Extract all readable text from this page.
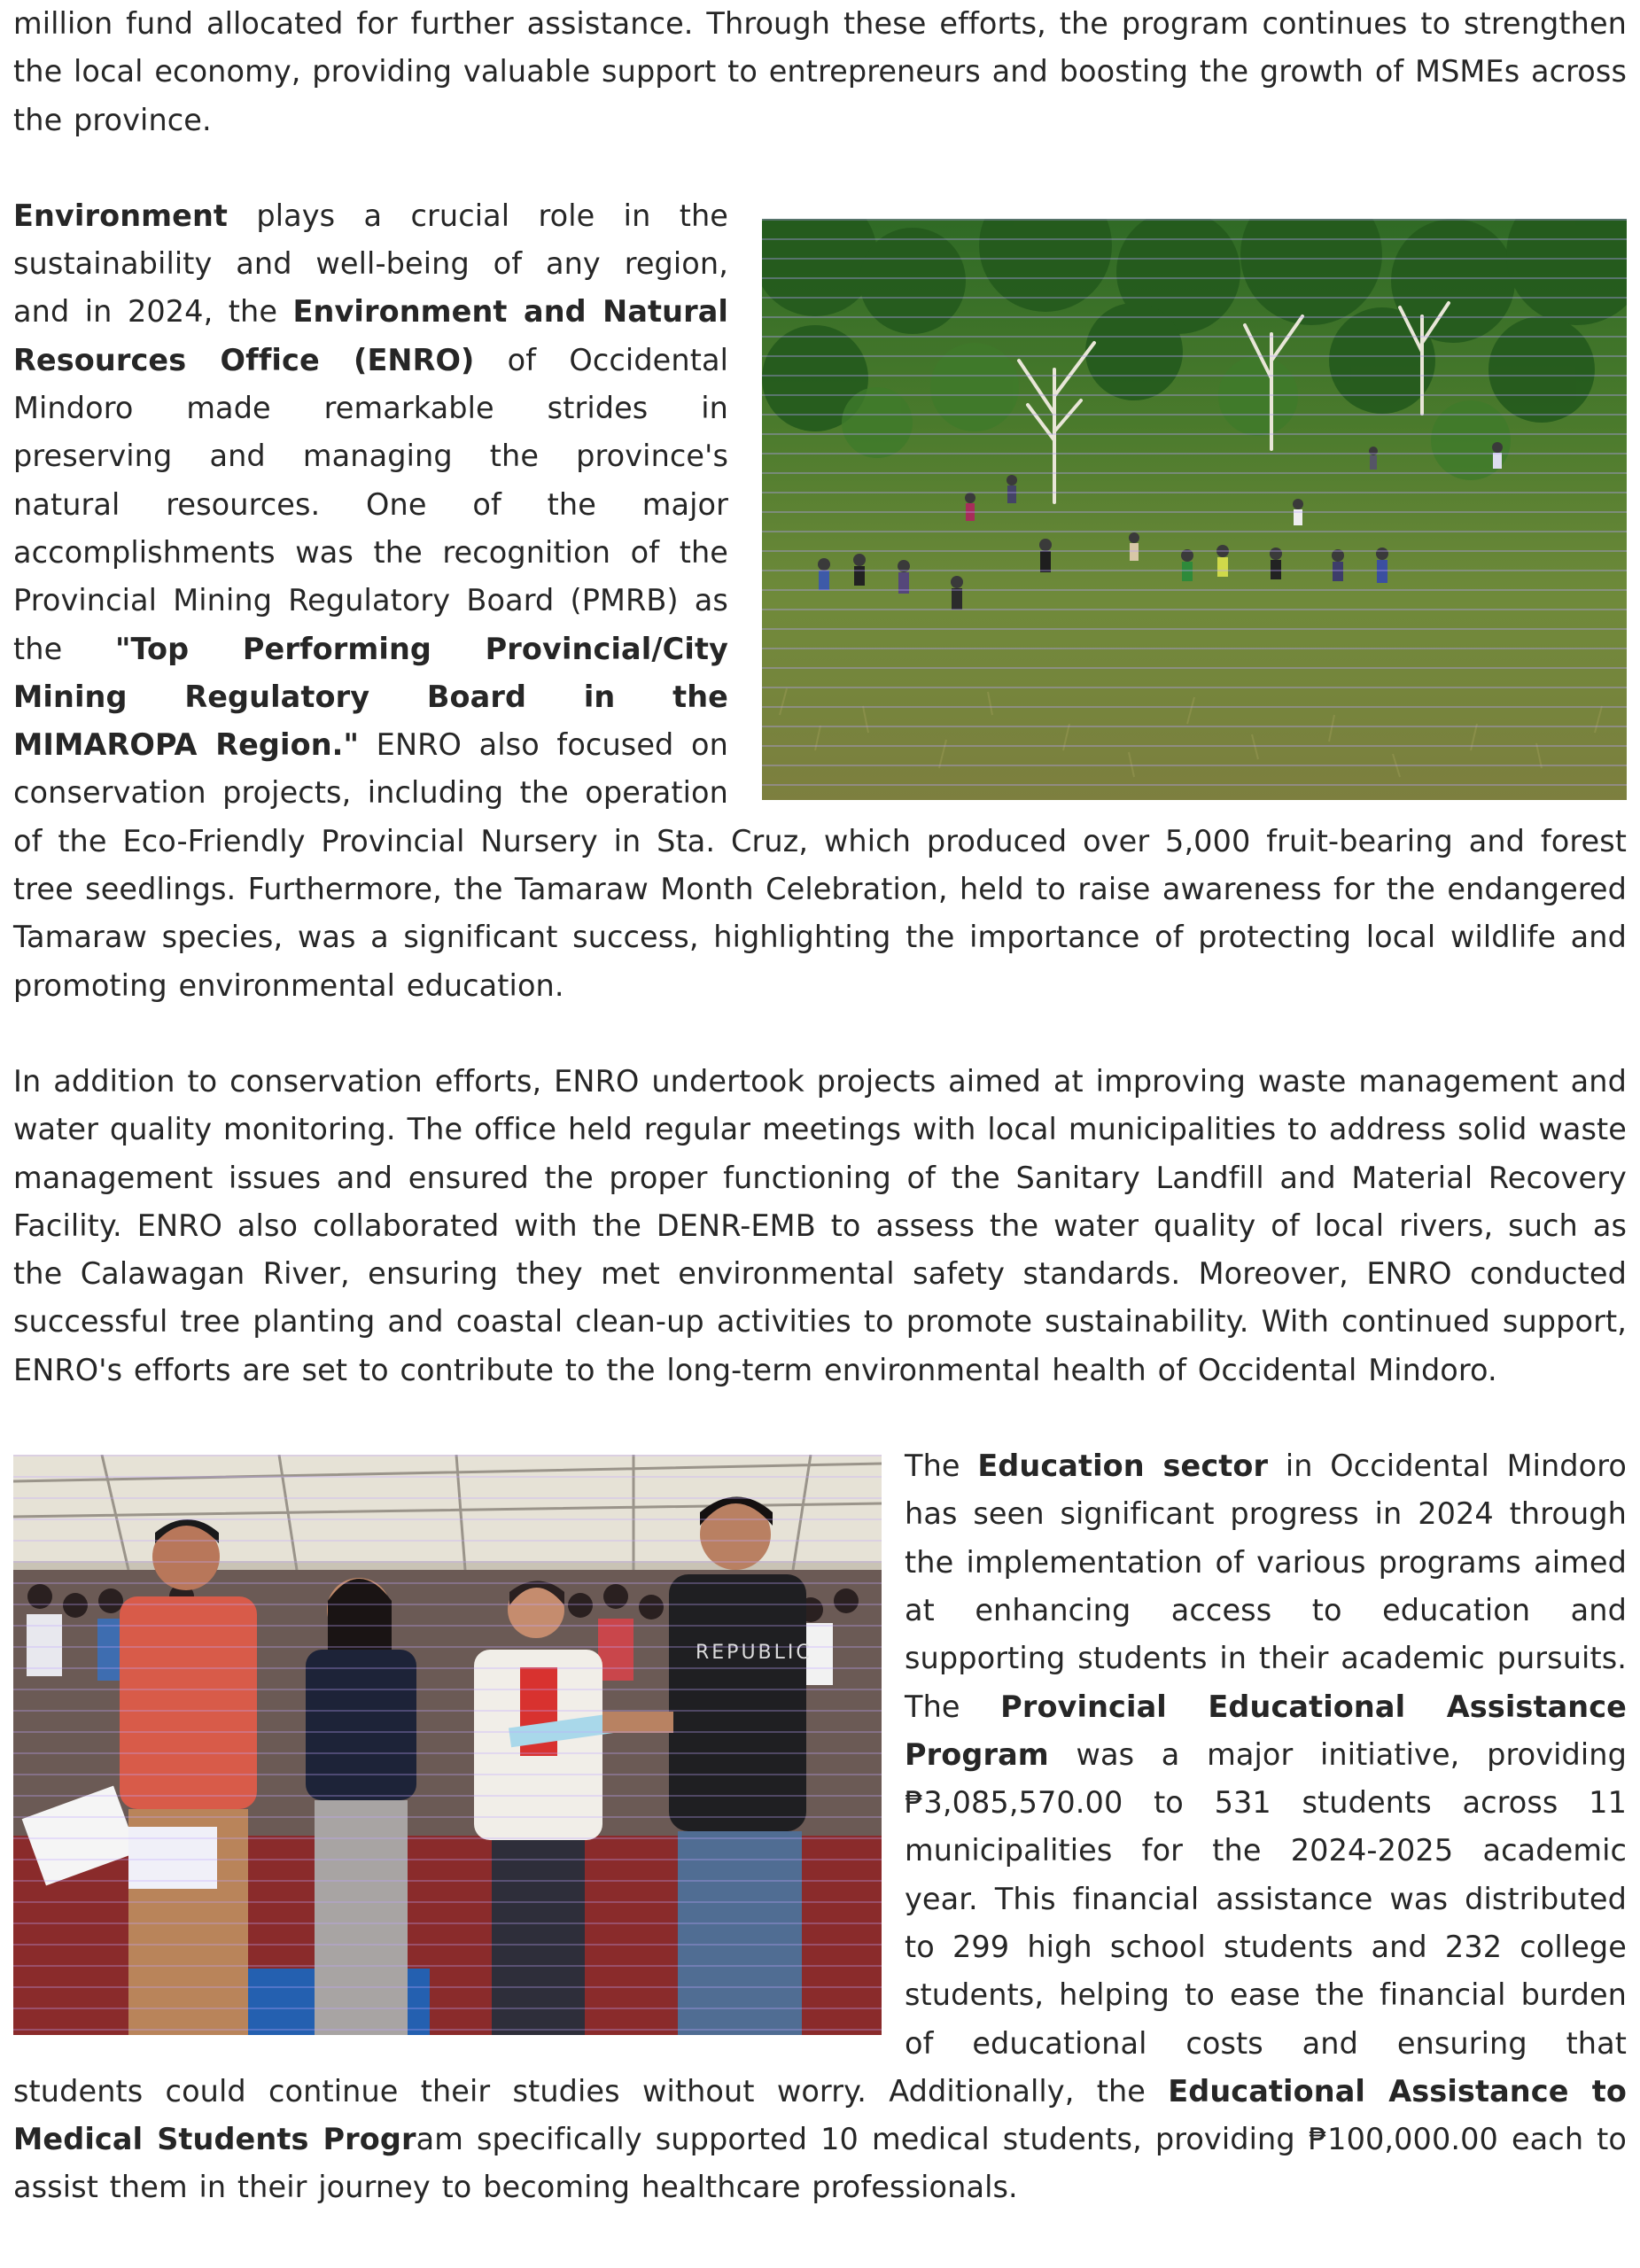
million fund allocated for further assistance. Through these efforts, the program continues to strengthen the local economy, providing valuable support to entrepreneurs and boosting the growth of MSMEs across the province.

Environment plays a crucial role in the sustainability and well-being of any region, and in 2024, the Environment and Natural Resources Office (ENRO) of Occidental Mindoro made remarkable strides in preserving and managing the province's natural resources. One of the major accomplishments was the recognition of the Provincial Mining Regulatory Board (PMRB) as the "Top Performing Provincial/City Mining Regulatory Board in the MIMAROPA Region." ENRO also focused on conservation projects, including the operation of the Eco-Friendly Provincial Nursery in Sta. Cruz, which produced over 5,000 fruit-bearing and forest tree seedlings. Furthermore, the Tamaraw Month Celebration, held to raise awareness for the endangered Tamaraw species, was a significant success, highlighting the importance of protecting local wildlife and promoting environmental education.

In addition to conservation efforts, ENRO undertook projects aimed at improving waste management and water quality monitoring. The office held regular meetings with local municipalities to address solid waste management issues and ensured the proper functioning of the Sanitary Landfill and Material Recovery Facility. ENRO also collaborated with the DENR-EMB to assess the water quality of local rivers, such as the Calawagan River, ensuring they met environmental safety standards. Moreover, ENRO conducted successful tree planting and coastal clean-up activities to promote sustainability. With continued support, ENRO's efforts are set to contribute to the long-term environmental health of Occidental Mindoro.

The Education sector in Occidental Mindoro has seen significant progress in 2024 through the implementation of various programs aimed at enhancing access to education and supporting students in their academic pursuits. The Provincial Educational Assistance Program was a major initiative, providing ₱3,085,570.00 to 531 students across 11 municipalities for the 2024-2025 academic year. This financial assistance was distributed to 299 high school students and 232 college students, helping to ease the financial burden of educational costs and ensuring that students could continue their studies without worry. Additionally, the Educational Assistance to Medical Students Program specifically supported 10 medical students, providing ₱100,000.00 each to assist them in their journey to becoming healthcare professionals.
